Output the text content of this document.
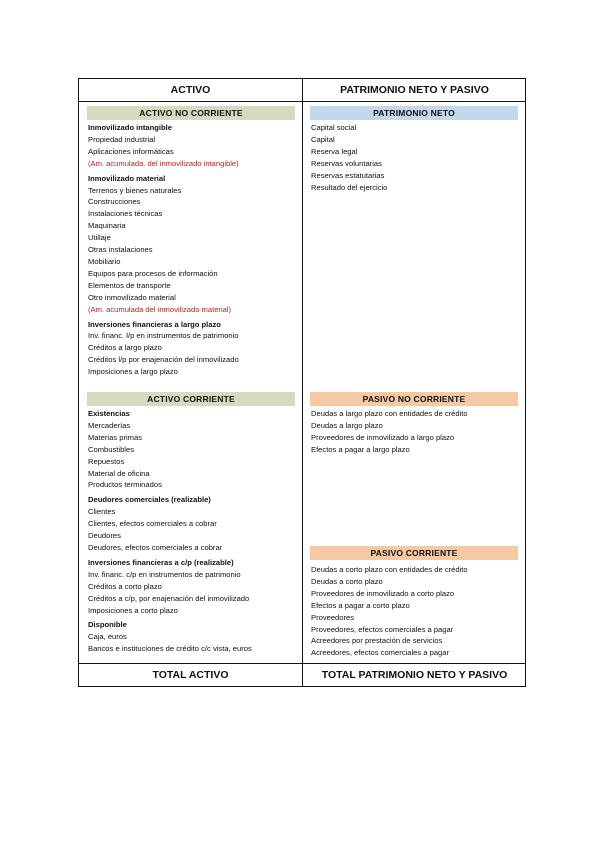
ACTIVO	PATRIMONIO NETO Y PASIVO
ACTIVO NO CORRIENTE
Inmovilizado intangible
Propiedad industrial
Aplicaciones informáticas
(Am. acumulada. del inmovilizado intangible)
Inmovilizado material
Terrenos y bienes naturales
Construcciones
Instalaciones técnicas
Maquinaria
Utillaje
Otras instalaciones
Mobiliario
Equipos para procesos de información
Elementos de transporte
Otro inmovilizado material
(Am. acumulada del inmovilizado material)
Inversiones financieras a largo plazo
Inv. financ. l/p en instrumentos de patrimonio
Créditos a largo plazo
Créditos l/p por enajenación del inmovilizado
Imposiciones a largo plazo
ACTIVO CORRIENTE
Existencias
Mercaderías
Materias primas
Combustibles
Repuestos
Material de oficina
Productos terminados
Deudores comerciales (realizable)
Clientes
Clientes, efectos comerciales a cobrar
Deudores
Deudores, efectos comerciales a cobrar
Inversiones financieras a c/p (realizable)
Inv. financ. c/p en instrumentos de patrimonio
Créditos a corto plazo
Créditos a c/p, por enajenación del inmovilizado
Imposiciones a corto plazo
Disponible
Caja, euros
Bancos e instituciones de crédito c/c vista, euros
PATRIMONIO NETO
Capital social
Capital
Reserva legal
Reservas voluntarias
Reservas estatutarias
Resultado del ejercicio
PASIVO NO CORRIENTE
Deudas a largo plazo con entidades de crédito
Deudas a largo plazo
Proveedores de inmovilizado a largo plazo
Efectos a pagar a largo plazo
PASIVO CORRIENTE
Deudas a corto plazo con entidades de crédito
Deudas a corto plazo
Proveedores de inmovilizado a corto plazo
Efectos a pagar a corto plazo
Proveedores
Proveedores, efectos comerciales a pagar
Acreedores por prestación de servicios
Acreedores, efectos comerciales a pagar
TOTAL ACTIVO	TOTAL PATRIMONIO NETO Y PASIVO
